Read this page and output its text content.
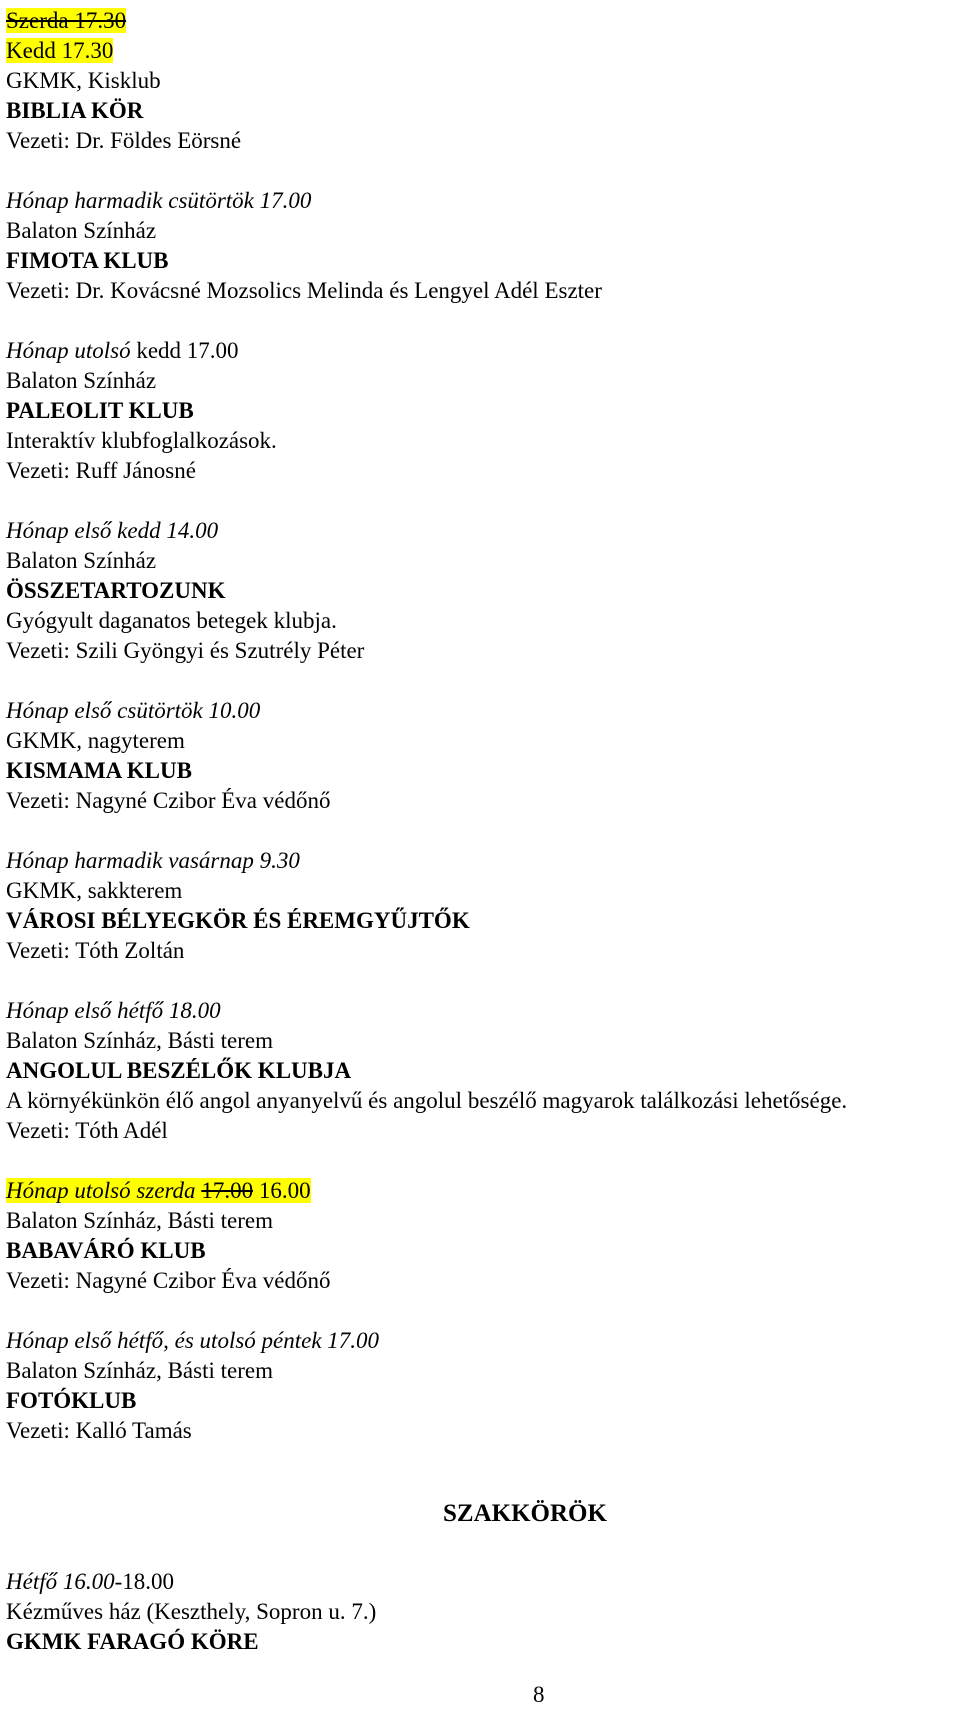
Szerda 17.30
Kedd 17.30
GKMK, Kisklub
BIBLIA KÖR
Vezeti: Dr. Földes Eörsné
Hónap harmadik csütörtök 17.00
Balaton Színház
FIMOTA KLUB
Vezeti: Dr. Kovácsné Mozsolics Melinda és Lengyel Adél Eszter
Hónap utolsó kedd 17.00
Balaton Színház
PALEOLIT KLUB
Interaktív klubfoglalkozások.
Vezeti: Ruff Jánosné
Hónap első kedd 14.00
Balaton Színház
ÖSSZETARTOZUNK
Gyógyult daganatos betegek klubja.
Vezeti: Szili Gyöngyi és Szutrély Péter
Hónap első csütörtök 10.00
GKMK, nagyterem
KISMAMA KLUB
Vezeti: Nagyné Czibor Éva védőnő
Hónap harmadik vasárnap 9.30
GKMK, sakkterem
VÁROSI BÉLYEGKÖR ÉS ÉREMGYŰJTŐK
Vezeti: Tóth Zoltán
Hónap első hétfő 18.00
Balaton Színház, Básti terem
ANGOLUL BESZÉLŐK KLUBJA
A környékünkön élő angol anyanyelvű és angolul beszélő magyarok találkozási lehetősége.
Vezeti: Tóth Adél
Hónap utolsó szerda 17.00 16.00
Balaton Színház, Básti terem
BABAVÁRÓ KLUB
Vezeti: Nagyné Czibor Éva védőnő
Hónap első hétfő, és utolsó péntek 17.00
Balaton Színház, Básti terem
FOTÓKLUB
Vezeti: Kalló Tamás
SZAKKÖRÖK
Hétfő 16.00-18.00
Kézműves ház (Keszthely, Sopron u. 7.)
GKMK FARAGÓ KÖRE
8
